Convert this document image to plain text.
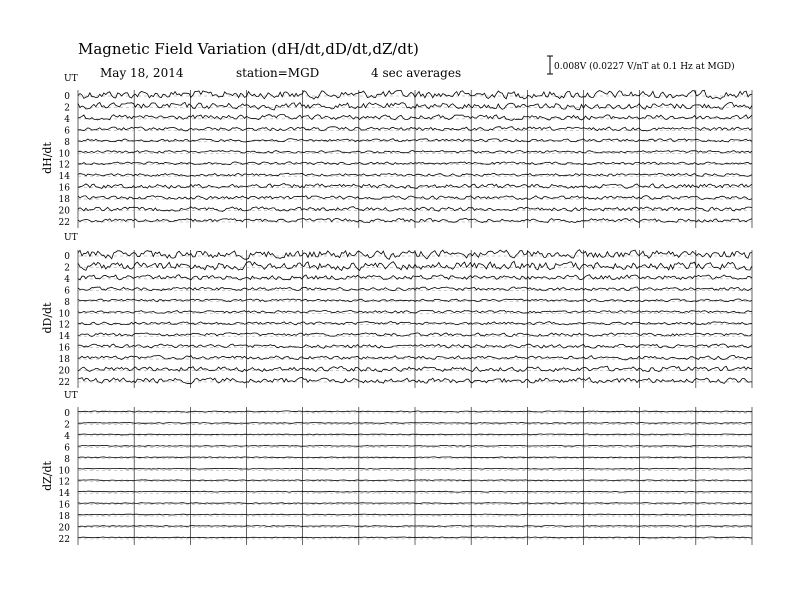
Magnetic Field Variation (dH/dt,dD/dt,dZ/dt)
May 18, 2014	station=MGD	4 sec averages	0.008V (0.0227 V/nT at 0.1 Hz at MGD)
UT
dH/dt
0
2
4
6
8
10
12
14
16
18
20
22
UT
dD/dt
0
2
4
6
8
10
12
14
16
18
20
22
UT
dZ/dt
0
2
4
6
8
10
12
14
16
18
20
22
